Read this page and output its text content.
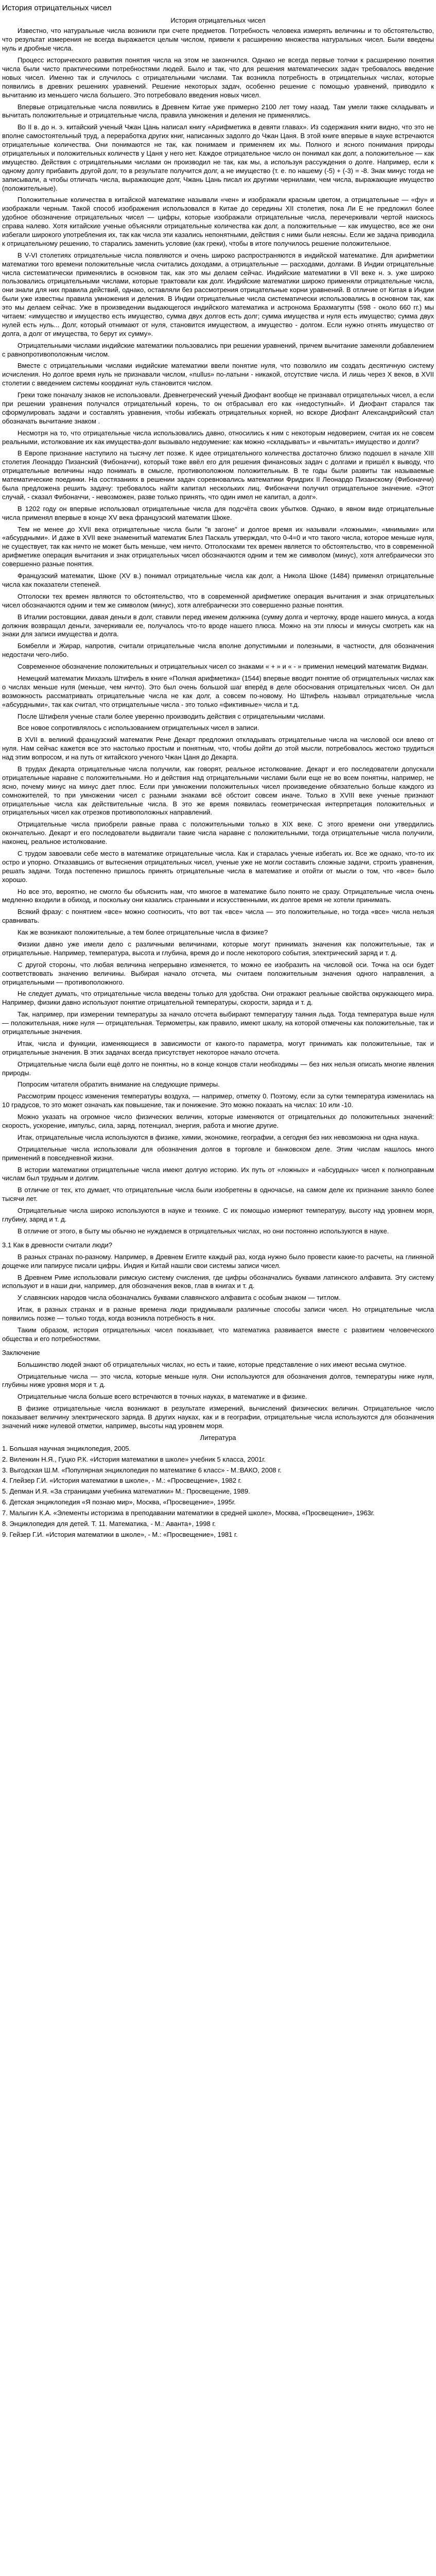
История отрицательных чисел
История отрицательных чисел

Известно, что натуральные числа возникли при счете предметов. Потребность человека измерять величины и то обстоятельство, что результат измерения не всегда выражается целым числом, привели к расширению множества натуральных чисел. Были введены нуль и дробные числа.

Процесс исторического развития понятия числа на этом не закончился. Однако не всегда первые толчки к расширению понятия числа были чисто практическими потребностями людей. Было и так, что для решения математических задач требовалось введение новых чисел. Именно так и случилось с отрицательными числами. Так возникла потребность в отрицательных числах, которые появились в древних решениях уравнений. Решение некоторых задач, особенно решение с помощью уравнений, приводило к вычитанию из меньшего числа большего. Это потребовало введения новых чисел.

Впервые отрицательные числа появились в Древнем Китае уже примерно 2100 лет тому назад. Там умели также складывать и вычитать положительные и отрицательные числа, правила умножения и деления не применялись.

Во II в. до н. э. китайский ученый Чжан Цань написал книгу «Арифметика в девяти главах». Из содержания книги видно, что это не вполне самостоятельный труд, а переработка других книг, написанных задолго до Чжан Цаня. В этой книге впервые в науке встречаются отрицательные количества. Они понимаются не так, как понимаем и применяем их мы. Полного и ясного понимания природы отрицательных и положительных количеств у Цаня у него нет. Каждое отрицательное число он понимал как долг, а положительное — как имущество. Действия с отрицательными числами он производил не так, как мы, а используя рассуждения о долге. Например, если к одному долгу прибавить другой долг, то в результате получится долг, а не имущество (т. е. по нашему (-5) + (-3) = -8. Знак минус тогда не записывали, а чтобы отличать числа, выражающие долг, Чжань Цань писал их другими чернилами, чем числа, выражающие имущество (положительные).

Положительные количества в китайской математике называли «чен» и изображали красным цветом, а отрицательные — «фу» и изображали черным. Такой способ изображения использовался в Китае до середины XII столетия, пока Ли Е не предложил более удобное обозначение отрицательных чисел — цифры, которые изображали отрицательные числа, перечеркивали чертой наискось справа налево. Хотя китайские ученые объясняли отрицательные количества как долг, а положительные — как имущество, все же они избегали широкого употребления их, так как числа эти казались непонятными, действия с ними были неясны. Если же задача приводила к отрицательному решению, то старались заменить условие (как греки), чтобы в итоге получилось решение положительное.

В V-VI столетиях отрицательные числа появляются и очень широко распространяются в индийской математике. Для арифметики математики того времени положительные числа считались доходами, а отрицательные — расходами, долгами. В Индии отрицательные числа систематически применялись в основном так, как это мы делаем сейчас. Индийские математики в VII веке н. э. уже широко пользовались отрицательными числами, которые трактовали как долг. Индийские математики широко применяли отрицательные числа, они знали для них правила действий, однако, оставляли без рассмотрения отрицательные корни уравнений. В отличие от Китая в Индии были уже известны правила умножения и деления. В Индии отрицательные числа систематически использовались в основном так, как это мы делаем сейчас. Уже в произведении выдающегося индийского математика и астронома Брахмагупты (598 - около 660 гг.) мы читаем: «имущество и имущество есть имущество, сумма двух долгов есть долг; сумма имущества и нуля есть имущество; сумма двух нулей есть нуль... Долг, который отнимают от нуля, становится имуществом, а имущество - долгом. Если нужно отнять имущество от долга, а долг от имущества, то берут их сумму».

Отрицательными числами индийские математики пользовались при решении уравнений, причем вычитание заменяли добавлением с равнопротивоположным числом.

Вместе с отрицательными числами индийские математики ввели понятие нуля, что позволило им создать десятичную систему исчисления. Но долгое время нуль не признавали числом, «nullus» по-латыни - никакой, отсутствие числа. И лишь через X веков, в XVII столетии с введением системы координат нуль становится числом.

Греки тоже поначалу знаков не использовали. Древнегреческий ученый Диофант вообще не признавал отрицательных чисел, а если при решении уравнения получался отрицательный корень, то он отбрасывал его как «недоступный». И Диофант старался так сформулировать задачи и составлять уравнения, чтобы избежать отрицательных корней, но вскоре Диофант Александрийский стал обозначать вычитание знаком .

Несмотря на то, что отрицательные числа использовались давно, относились к ним с некоторым недоверием, считая их не совсем реальными, истолкование их как имущества-долг вызывало недоумение: как можно «складывать» и «вычитать» имущество и долги?

В Европе признание наступило на тысячу лет позже. К идее отрицательного количества достаточно близко подошел в начале XIII столетия Леонардо Пизанский (Фибоначчи), который тоже ввёл его для решения финансовых задач с долгами и пришёл к выводу, что отрицательные величины надо понимать в смысле, противоположном положительным. В те годы были развиты так называемые математические поединки. На состязаниях в решении задач соревновались математики Фридрих II Леонардо Пизанскому (Фибоначчи) была предложена решить задачу: требовалось найти капитал нескольких лиц. Фибоначчи получил отрицательное значение. «Этот случай, - сказал Фибоначчи, - невозможен, разве только принять, что один имел не капитал, а долг».

В 1202 году он впервые использовал отрицательные числа для подсчёта своих убытков. Однако, в явном виде отрицательные числа применял впервые в конце XV века французский математик Шюке.

Тем не менее до XVII века отрицательные числа были "в загоне" и долгое время их называли «ложными», «мнимыми» или «абсурдными». И даже в XVII веке знаменитый математик Блез Паскаль утверждал, что 0-4=0 и что такого числа, которое меньше нуля, не существует, так как ничто не может быть меньше, чем ничто. Отголосками тех времен является то обстоятельство, что в современной арифметике операция вычитания и знак отрицательных чисел обозначаются одним и тем же символом (минус), хотя алгебраически это совершенно разные понятия.

Французский математик, Шюке (XV в.) понимал отрицательные числа как долг, а Никола Шюке (1484) применял отрицательные числа как показатели степеней.

Отголоски тех времен являются то обстоятельство, что в современной арифметике операция вычитания и знак отрицательных чисел обозначаются одним и тем же символом (минус), хотя алгебраически это совершенно разные понятия.

В Италии ростовщики, давая деньги в долг, ставили перед именем должника (сумму долга и черточку, вроде нашего минуса, а когда должник возвращал деньги, зачеркивали ее, получалось что-то вроде нашего плюса. Можно на эти плюсы и минусы смотреть как на знаки для записи имущества и долга.

Бомбелли и Жирар, напротив, считали отрицательные числа вполне допустимыми и полезными, в частности, для обозначения недостачи чего-либо.

Современное обозначение положительных и отрицательных чисел со знаками « + » и « - » применил немецкий математик Видман.

Немецкий математик Михаэль Штифель в книге «Полная арифметика» (1544) впервые вводит понятие об отрицательных числах как о числах меньше нуля (меньше, чем ничто). Это был очень большой шаг вперёд в деле обоснования отрицательных чисел. Он дал возможность рассматривать отрицательные числа не как долг, а совсем по-новому. Но Штифель называл отрицательные числа «абсурдными», так как считал, что отрицательные числа - это только «фиктивные» числа и т.д.

После Штифеля ученые стали более уверенно производить действия с отрицательными числами.

Все новое сопротивлялось с использованием отрицательных чисел в записи.

В XVII в. великий французский математик Рене Декарт предложил откладывать отрицательные числа на числовой оси влево от нуля. Нам сейчас кажется все это настолько простым и понятным, что, чтобы дойти до этой мысли, потребовалось жестоко трудиться над этим вопросом, и на путь от китайского ученого Чжан Цаня до Декарта.

В трудах Декарта отрицательные числа получили, как говорят, реальное истолкование. Декарт и его последователи допускали отрицательные наравне с положительными. Но и действия над отрицательными числами были еще не во всем понятны, например, не ясно, почему минус на минус дает плюс. Если при умножении положительных чисел произведение обязательно больше каждого из сомножителей, то при умножении чисел с разными знаками всё обстоит совсем иначе. Только в XVIII веке ученые признают отрицательные числа как действительные числа. В это же время появилась геометрическая интерпретация положительных и отрицательных чисел как отрезков противоположных направлений.

Отрицательные числа приобрели равные права с положительными только в XIX веке. С этого времени они утвердились окончательно. Декарт и его последователи выдвигали такие числа наравне с положительными, тогда отрицательные числа получили, наконец, реальное истолкование.

С трудом завоевали себе место в математике отрицательные числа. Как и старалась ученые избегать их. Все же однако, что-то их остро и упорно. Отказавшись от вытеснения отрицательных чисел, ученые уже не могли составить сложные задачи, строить уравнения, решать задачи. Тогда постепенно пришлось принять отрицательные числа в математике и отойти от мысли о том, что «все» было хорошо.

Но все это, вероятно, не смогло бы объяснить нам, что многое в математике было понято не сразу. Отрицательные числа очень медленно входили в обиход, и поскольку они казались странными и искусственными, их долгое время не хотели принимать.

Всякий фразу: с понятием «все» можно соотносить, что вот так «все» числа — это положительные, но тогда «все» числа нельзя сравнивать.

Как же возникают положительные, а тем более отрицательные числа в физике?

Физики давно уже имели дело с различными величинами, которые могут принимать значения как положительные, так и отрицательные. Например, температура, высота и глубина, время до и после некоторого события, электрический заряд и т. д.

С другой стороны, что любая величина непрерывно изменяется, то можно ее изобразить на числовой оси. Точка на оси будет соответствовать значению величины. Выбирая начало отсчета, мы считаем положительным значения одного направления, а отрицательными — противоположного.

Не следует думать, что отрицательные числа введены только для удобства. Они отражают реальные свойства окружающего мира. Например, физики давно используют понятие отрицательной температуры, скорости, заряда и т. д.

Так, например, при измерении температуры за начало отсчета выбирают температуру таяния льда. Тогда температура выше нуля — положительная, ниже нуля — отрицательная. Термометры, как правило, имеют шкалу, на которой отмечены как положительные, так и отрицательные значения.

Итак, числа и функции, изменяющиеся в зависимости от какого-то параметра, могут принимать как положительные, так и отрицательные значения. В этих задачах всегда присутствует некоторое начало отсчета.

Отрицательные числа были ещё долго не понятны, но в конце концов стали необходимы — без них нельзя описать многие явления природы.

Попросим читателя обратить внимание на следующие примеры.

Рассмотрим процесс изменения температуры воздуха, — например, отметку 0. Поэтому, если за сутки температура изменилась на 10 градусов, то это может означать как повышение, так и понижение. Это можно показать на числах: 10 или -10.

Можно указать на огромное число физических величин, которые изменяются от отрицательных до положительных значений: скорость, ускорение, импульс, сила, заряд, потенциал, энергия, работа и многие другие.

Итак, отрицательные числа используются в физике, химии, экономике, географии, а сегодня без них невозможна ни одна наука.

Отрицательные числа использовали для обозначения долгов в торговле и банковском деле. Этим числам нашлось много применений в повседневной жизни.

В истории математики отрицательные числа имеют долгую историю. Их путь от «ложных» и «абсурдных» чисел к полноправным числам был трудным и долгим.

В отличие от тех, кто думает, что отрицательные числа были изобретены в одночасье, на самом деле их признание заняло более тысячи лет.

Отрицательные числа широко используются в науке и технике. С их помощью измеряют температуру, высоту над уровнем моря, глубину, заряд и т. д.

В отличие от этого, в быту мы обычно не нуждаемся в отрицательных числах, но они постоянно используются в науке.

3.1 Как в древности считали люди?

В разных странах по-разному. Например, в Древнем Египте каждый раз, когда нужно было провести какие-то расчеты, на глиняной дощечке или папирусе писали цифры. Индия и Китай нашли свои системы записи чисел.

В Древнем Риме использовали римскую систему счисления, где цифры обозначались буквами латинского алфавита. Эту систему используют и в наши дни, например, для обозначения веков, глав в книгах и т. д.

У славянских народов числа обозначались буквами славянского алфавита с особым знаком — титлом.

Итак, в разных странах и в разные времена люди придумывали различные способы записи чисел. Но отрицательные числа появились позже — только тогда, когда возникла потребность в них.

Таким образом, история отрицательных чисел показывает, что математика развивается вместе с развитием человеческого общества и его потребностями.

Заключение

Большинство людей знают об отрицательных числах, но есть и такие, которые представление о них имеют весьма смутное.

Отрицательные числа — это числа, которые меньше нуля. Они используются для обозначения долгов, температуры ниже нуля, глубины ниже уровня моря и т. д.

Отрицательные числа больше всего встречаются в точных науках, в математике и в физике.

В физике отрицательные числа возникают в результате измерений, вычислений физических величин. Отрицательное число показывает величину электрического заряда. В других науках, как и в географии, отрицательные числа используются для обозначения значений ниже нулевой отметки, например, высоты над уровнем моря.

Литература
1. Большая научная энциклопедия, 2005.
2. Виленкин Н.Я., Гуцко Р.К. «История математики в школе» учебник 5 класса, 2001г.
3. Выгодская Ш.М. «Популярная энциклопедия по математике 6 класс» - М.:ВАКО, 2008 г.
4. Глейзер Г.И. «История математики в школе», - М.: «Просвещение», 1982 г.
5. Депман И.Я. «За страницами учебника математики» М.: Просвещение, 1989.
6. Детская энциклопедия «Я познаю мир», Москва, «Просвещение», 1995г.
7. Малыгин К.А. «Элементы историзма в преподавании математики в средней школе», Москва, «Просвещение», 1963г.
8. Энциклопедия для детей. Т. 11. Математика, - М.: Аванта+, 1998 г.
9. Гейзер Г.И. «История математики в школе», - М.: «Просвещение», 1981 г.
